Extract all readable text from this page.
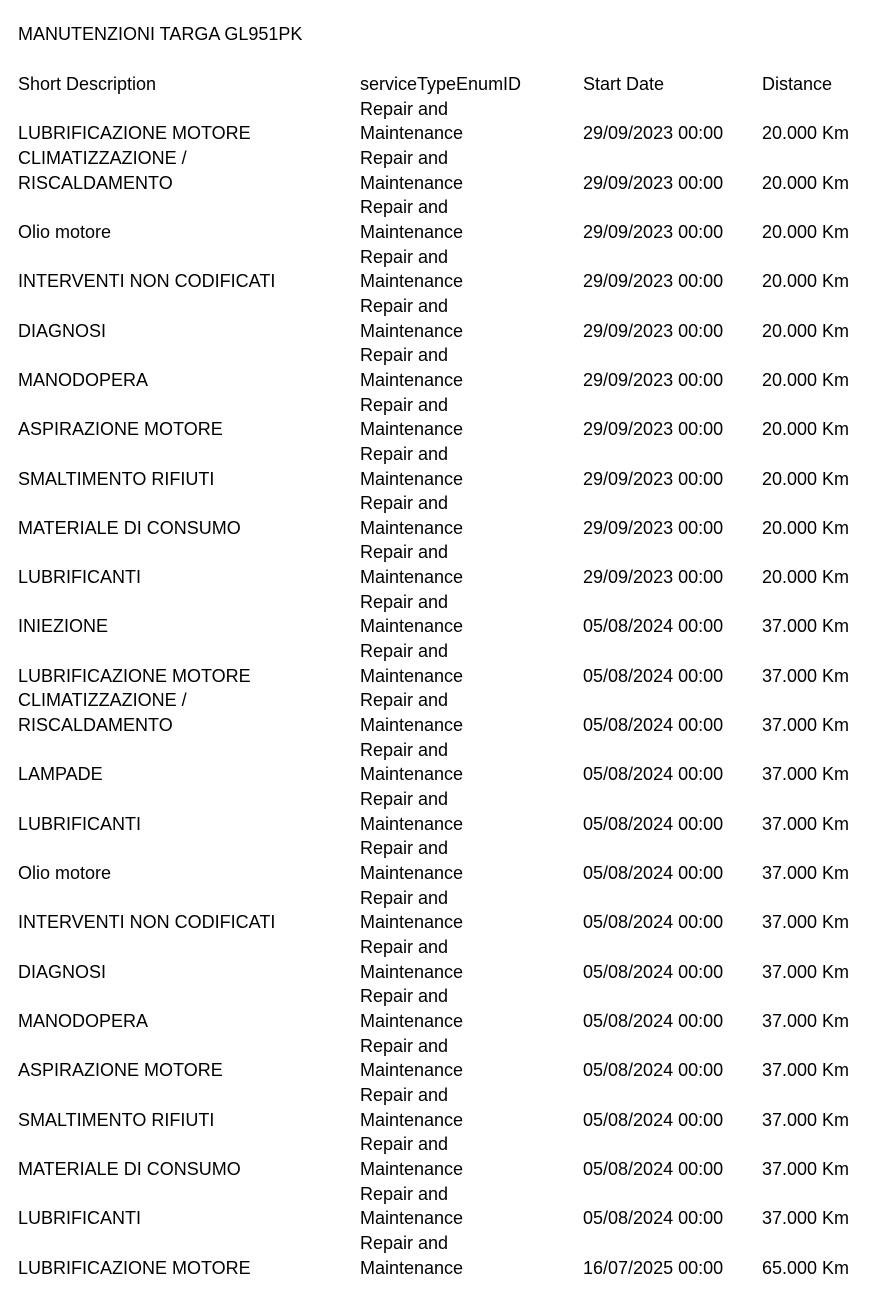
MANUTENZIONI TARGA GL951PK
Short Description	serviceTypeEnumID	Start Date	Distance

LUBRIFICAZIONE MOTORE	Repair and Maintenance	29/09/2023 00:00	20.000 Km

CLIMATIZZAZIONE / RISCALDAMENTO	Repair and Maintenance	29/09/2023 00:00	20.000 Km

Olio motore	Repair and Maintenance	29/09/2023 00:00	20.000 Km

INTERVENTI NON CODIFICATI	Repair and Maintenance	29/09/2023 00:00	20.000 Km

DIAGNOSI	Repair and Maintenance	29/09/2023 00:00	20.000 Km

MANODOPERA	Repair and Maintenance	29/09/2023 00:00	20.000 Km

ASPIRAZIONE MOTORE	Repair and Maintenance	29/09/2023 00:00	20.000 Km

SMALTIMENTO RIFIUTI	Repair and Maintenance	29/09/2023 00:00	20.000 Km

MATERIALE DI CONSUMO	Repair and Maintenance	29/09/2023 00:00	20.000 Km

LUBRIFICANTI	Repair and Maintenance	29/09/2023 00:00	20.000 Km

INIEZIONE	Repair and Maintenance	05/08/2024 00:00	37.000 Km

LUBRIFICAZIONE MOTORE	Repair and Maintenance	05/08/2024 00:00	37.000 Km

CLIMATIZZAZIONE / RISCALDAMENTO	Repair and Maintenance	05/08/2024 00:00	37.000 Km

LAMPADE	Repair and Maintenance	05/08/2024 00:00	37.000 Km

LUBRIFICANTI	Repair and Maintenance	05/08/2024 00:00	37.000 Km

Olio motore	Repair and Maintenance	05/08/2024 00:00	37.000 Km

INTERVENTI NON CODIFICATI	Repair and Maintenance	05/08/2024 00:00	37.000 Km

DIAGNOSI	Repair and Maintenance	05/08/2024 00:00	37.000 Km

MANODOPERA	Repair and Maintenance	05/08/2024 00:00	37.000 Km

ASPIRAZIONE MOTORE	Repair and Maintenance	05/08/2024 00:00	37.000 Km

SMALTIMENTO RIFIUTI	Repair and Maintenance	05/08/2024 00:00	37.000 Km

MATERIALE DI CONSUMO	Repair and Maintenance	05/08/2024 00:00	37.000 Km

LUBRIFICANTI	Repair and Maintenance	05/08/2024 00:00	37.000 Km

LUBRIFICAZIONE MOTORE	Repair and Maintenance	16/07/2025 00:00	65.000 Km
